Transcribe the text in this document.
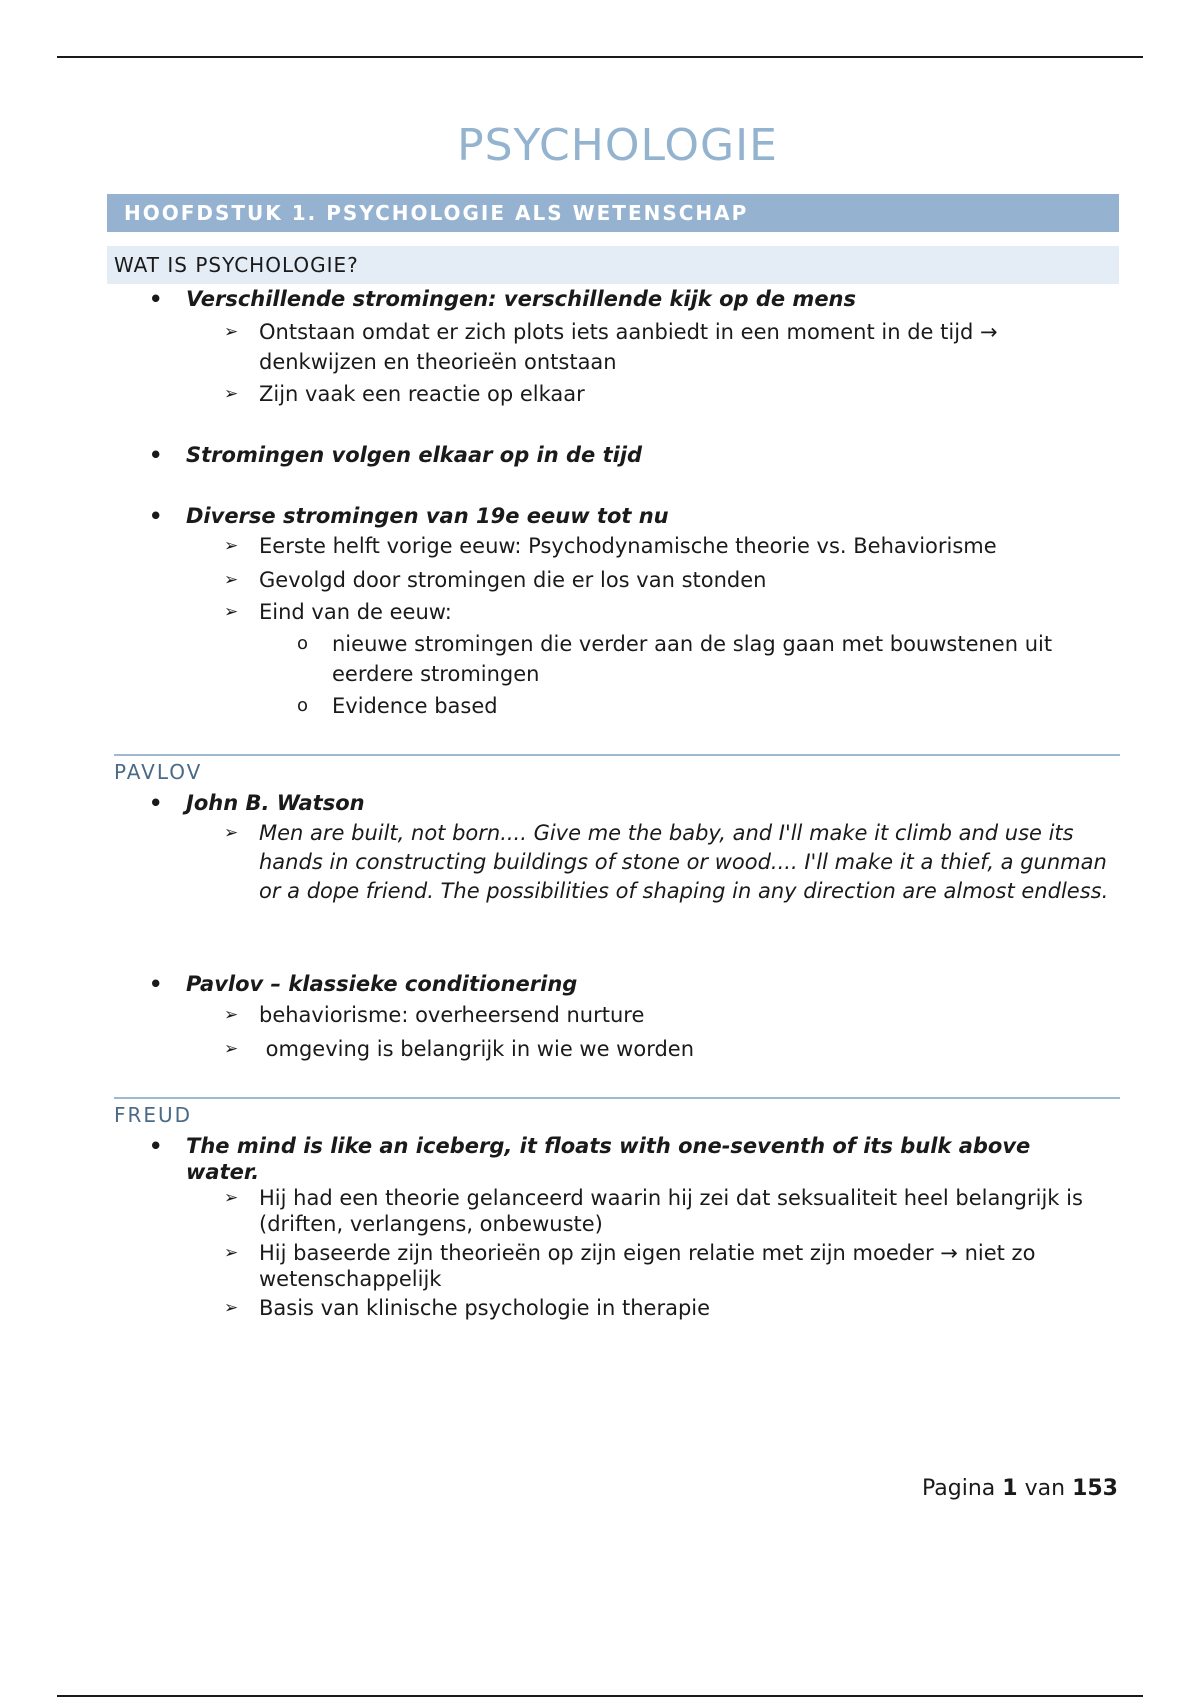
PSYCHOLOGIE
HOOFDSTUK 1. PSYCHOLOGIE ALS WETENSCHAP
WAT IS PSYCHOLOGIE?
• Verschillende stromingen: verschillende kijk op de mens
➢ Ontstaan omdat er zich plots iets aanbiedt in een moment in de tijd → denkwijzen en theorieën ontstaan
➢ Zijn vaak een reactie op elkaar
• Stromingen volgen elkaar op in de tijd
• Diverse stromingen van 19e eeuw tot nu
➢ Eerste helft vorige eeuw: Psychodynamische theorie vs. Behaviorisme
➢ Gevolgd door stromingen die er los van stonden
➢ Eind van de eeuw:
o nieuwe stromingen die verder aan de slag gaan met bouwstenen uit eerdere stromingen
o Evidence based
PAVLOV
• John B. Watson
➢ Men are built, not born.... Give me the baby, and I'll make it climb and use its hands in constructing buildings of stone or wood.... I'll make it a thief, a gunman or a dope friend. The possibilities of shaping in any direction are almost endless.
• Pavlov – klassieke conditionering
➢ behaviorisme: overheersend nurture
➢  omgeving is belangrijk in wie we worden
FREUD
• The mind is like an iceberg, it floats with one-seventh of its bulk above water.
➢ Hij had een theorie gelanceerd waarin hij zei dat seksualiteit heel belangrijk is (driften, verlangens, onbewuste)
➢ Hij baseerde zijn theorieën op zijn eigen relatie met zijn moeder → niet zo wetenschappelijk
➢ Basis van klinische psychologie in therapie
Pagina 1 van 153
